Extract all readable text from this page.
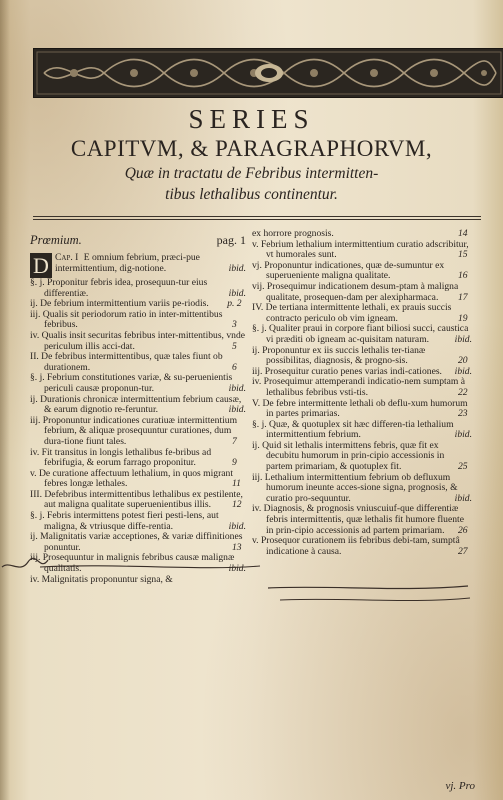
SERIES
CAPITVM, & PARAGRAPHORVM,
Quæ in tractatu de Febribus intermitten-
tibus lethalibus continentur.
Prœmium.	pag. 1

Cap. I
D	E omnium febrium, præci-pue intermittentium, dig-notione.	ibid.

§. j. Proponitur febris idea, prosequun-tur eius differentiæ.	ibid.

ij. De febrium intermittentium variis pe-riodis. p. 2

iij. Qualis sit periodorum ratio in inter-mittentibus febribus.	3

iv. Qualis insit securitas febribus inter-mittentibus, vnde periculum illis acci-dat.	5

II. De febribus intermittentibus, quæ tales fiunt ob durationem.	6

§. j. Febrium constitutiones variæ, & su-peruenientis periculi causæ proponun-tur.	ibid.

ij. Durationis chronicæ intermittentium febrium causæ, & earum dignotio re-feruntur.	ibid.

iij. Proponuntur indicationes curatiuæ intermittentium febrium, & aliquæ prosequuntur curationes, dum dura-tione fiunt tales.	7

iv. Fit transitus in longis lethalibus fe-bribus ad febrifugia, & eorum farrago proponitur.	9

v. De curatione affectuum lethalium, in quos migrant febres longæ lethales.	11

III. Defebribus intermittentibus lethalibus ex pestilente, aut maligna qualitate superuenientibus illis. 12

§. j. Febris intermittens potest fieri pesti-lens, aut maligna, & vtriusque diffe-rentia.	ibid.

ij. Malignitatis variæ acceptiones, & variæ diffinitiones ponuntur.	13

iij. Prosequuntur in malignis febribus causæ malignæ qualitatis.	ibid.

iv. Malignitatis proponuntur signa, &

ex horrore prognosis.	14

v. Febrium lethalium intermittentium curatio adscribitur, vt humorales sunt.	15

vj. Proponuntur indicationes, quæ de-sumuntur ex superueniente maligna qualitate.	16

vij. Prosequimur indicationem desum-ptam à maligna qualitate, prosequen-dam per alexipharmaca. 17

IV. De tertiana intermittente lethali, ex prauis succis contracto periculo ob vim igneam.	19

§. j. Qualiter praui in corpore fiant biliosi succi, caustica vi præditi ob igneam ac-quisitam naturam.	ibid.

ij. Proponuntur ex iis succis lethalis ter-tianæ possibilitas, diagnosis, & progno-sis.	20

iij. Prosequitur curatio penes varias indi-cationes. ibid.

iv. Prosequimur attemperandi indicatio-nem sumptam à lethalibus febribus vsti-tis.	22

V. De febre intermittente lethali ob deflu-xum humorum in partes primarias.	23

§. j. Quæ, & quotuplex sit hæc differen-tia lethalium intermittentium febrium.	ibid.

ij. Quid sit lethalis intermittens febris, quæ fit ex decubitu humorum in prin-cipio accessionis in partem primariam, & quotuplex fit.	25

iij. Lethalium intermittentium febrium ob defluxum humorum ineunte acces-sione signa, prognosis, & curatio pro-sequuntur.	ibid.

iv. Diagnosis, & prognosis vniuscuiuf-que differentiæ febris intermittentis, quæ lethalis fit humore fluente in prin-cipio accessionis ad partem primariam. 26

v. Prosequor curationem iis febribus debi-tam, sumptâ indicatione à causa.	27

vj. Pro
